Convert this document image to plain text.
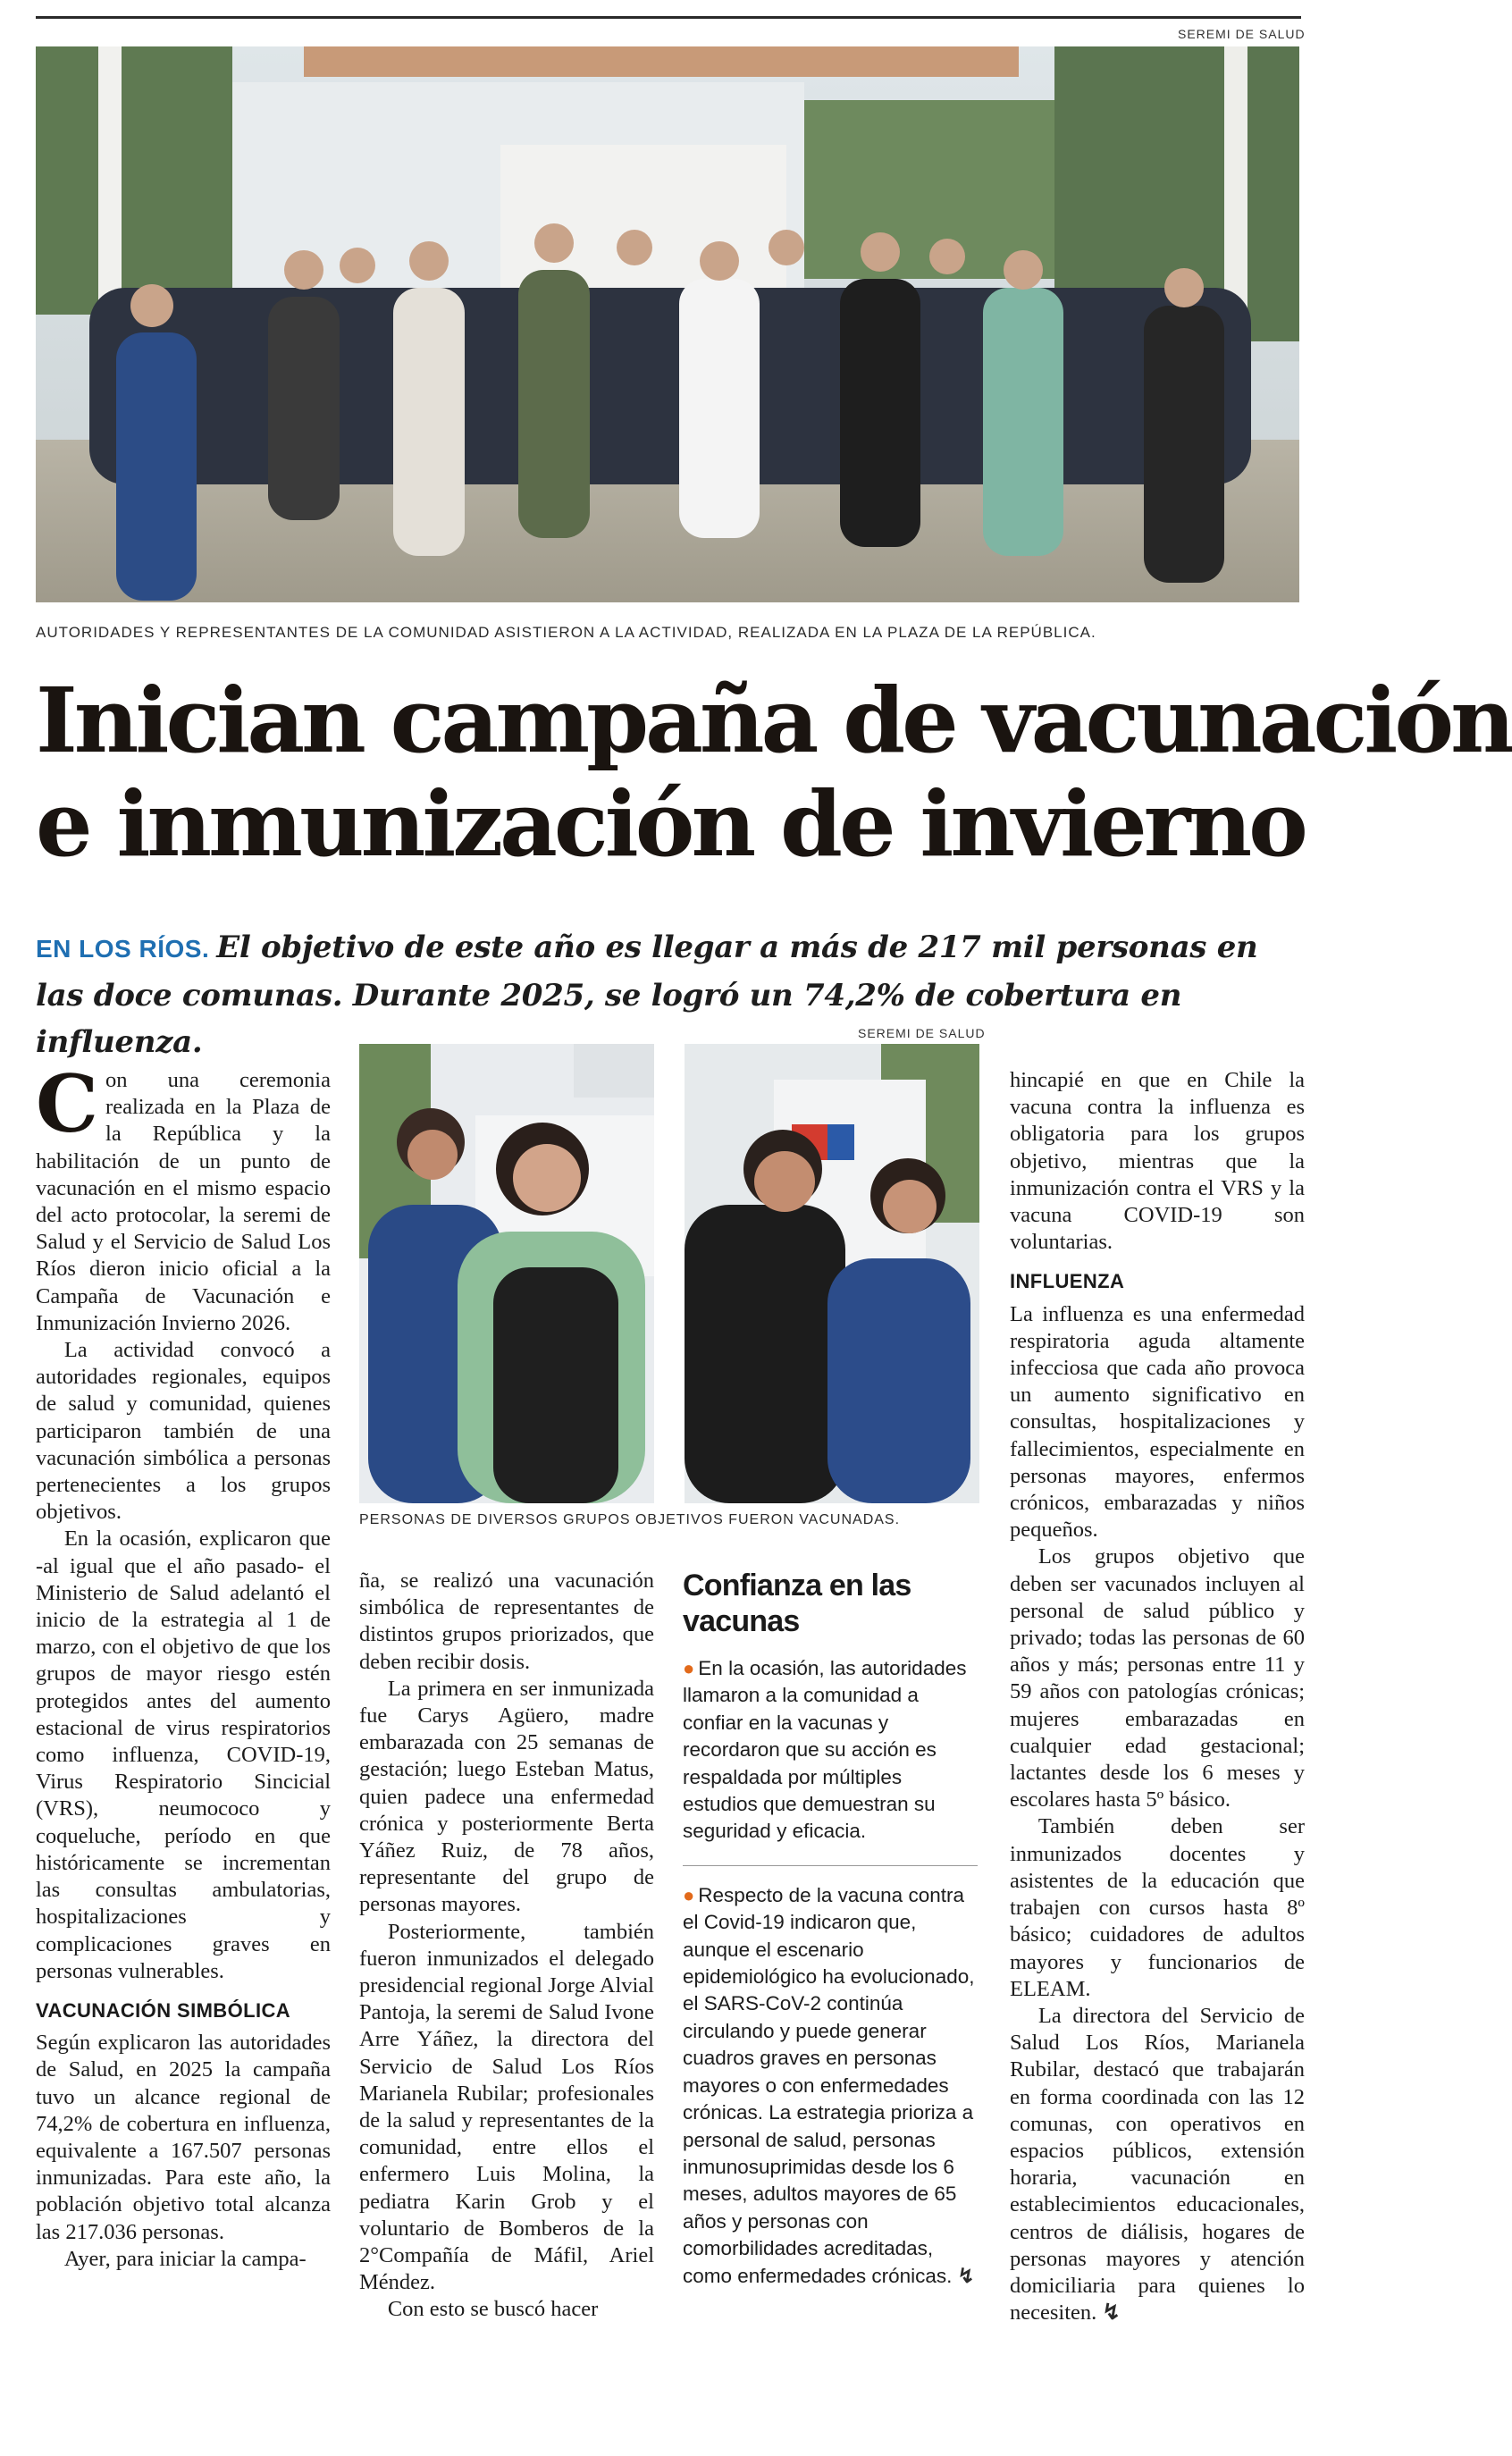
SEREMI DE SALUD
AUTORIDADES Y REPRESENTANTES DE LA COMUNIDAD ASISTIERON A LA ACTIVIDAD, REALIZADA EN LA PLAZA DE LA REPÚBLICA.
Inician campaña de vacunación
e inmunización de invierno
EN LOS RÍOS. El objetivo de este año es llegar a más de 217 mil personas en las doce comunas. Durante 2025, se logró un 74,2% de cobertura en influenza.	SEREMI DE SALUD
PERSONAS DE DIVERSOS GRUPOS OBJETIVOS FUERON VACUNADAS.

Con una ceremonia realizada en la Plaza de la República y la habilitación de un punto de vacunación en el mismo espacio del acto protocolar, la seremi de Salud y el Servicio de Salud Los Ríos dieron inicio oficial a la Campaña de Vacunación e Inmunización Invierno 2026.

La actividad convocó a autoridades regionales, equipos de salud y comunidad, quienes participaron también de una vacunación simbólica a personas pertenecientes a los grupos objetivos.

En la ocasión, explicaron que -al igual que el año pasado- el Ministerio de Salud adelantó el inicio de la estrategia al 1 de marzo, con el objetivo de que los grupos de mayor riesgo estén protegidos antes del aumento estacional de virus respiratorios como influenza, COVID-19, Virus Respiratorio Sincicial (VRS), neumococo y coqueluche, período en que históricamente se incrementan las consultas ambulatorias, hospitalizaciones y complicaciones graves en personas vulnerables.

VACUNACIÓN SIMBÓLICA

Según explicaron las autoridades de Salud, en 2025 la campaña tuvo un alcance regional de 74,2% de cobertura en influenza, equivalente a 167.507 personas inmunizadas. Para este año, la población objetivo total alcanza las 217.036 personas.

Ayer, para iniciar la campa-

ña, se realizó una vacunación simbólica de representantes de distintos grupos priorizados, que deben recibir dosis.

La primera en ser inmunizada fue Carys Agüero, madre embarazada con 25 semanas de gestación; luego Esteban Matus, quien padece una enfermedad crónica y posteriormente Berta Yáñez Ruiz, de 78 años, representante del grupo de personas mayores.

Posteriormente, también fueron inmunizados el delegado presidencial regional Jorge Alvial Pantoja, la seremi de Salud Ivone Arre Yáñez, la directora del Servicio de Salud Los Ríos Marianela Rubilar; profesionales de la salud y representantes de la comunidad, entre ellos el enfermero Luis Molina, la pediatra Karin Grob y el voluntario de Bomberos de la 2°Compañía de Máfil, Ariel Méndez.

Con esto se buscó hacer

Confianza en las vacunas

● En la ocasión, las autoridades llamaron a la comunidad a confiar en la vacunas y recordaron que su acción es respaldada por múltiples estudios que demuestran su seguridad y eficacia.

● Respecto de la vacuna contra el Covid-19 indicaron que, aunque el escenario epidemiológico ha evolucionado, el SARS-CoV-2 continúa circulando y puede generar cuadros graves en personas mayores o con enfermedades crónicas. La estrategia prioriza a personal de salud, personas inmunosuprimidas desde los 6 meses, adultos mayores de 65 años y personas con comorbilidades acreditadas, como enfermedades crónicas. ↯

hincapié en que en Chile la vacuna contra la influenza es obligatoria para los grupos objetivo, mientras que la inmunización contra el VRS y la vacuna COVID-19 son voluntarias.

INFLUENZA

La influenza es una enfermedad respiratoria aguda altamente infecciosa que cada año provoca un aumento significativo en consultas, hospitalizaciones y fallecimientos, especialmente en personas mayores, enfermos crónicos, embarazadas y niños pequeños.

Los grupos objetivo que deben ser vacunados incluyen al personal de salud público y privado; todas las personas de 60 años y más; personas entre 11 y 59 años con patologías crónicas; mujeres embarazadas en cualquier edad gestacional; lactantes desde los 6 meses y escolares hasta 5º básico.

También deben ser inmunizados docentes y asistentes de la educación que trabajen con cursos hasta 8º básico; cuidadores de adultos mayores y funcionarios de ELEAM.

La directora del Servicio de Salud Los Ríos, Marianela Rubilar, destacó que trabajarán en forma coordinada con las 12 comunas, con operativos en espacios públicos, extensión horaria, vacunación en establecimientos educacionales, centros de diálisis, hogares de personas mayores y atención domiciliaria para quienes lo necesiten. ↯
